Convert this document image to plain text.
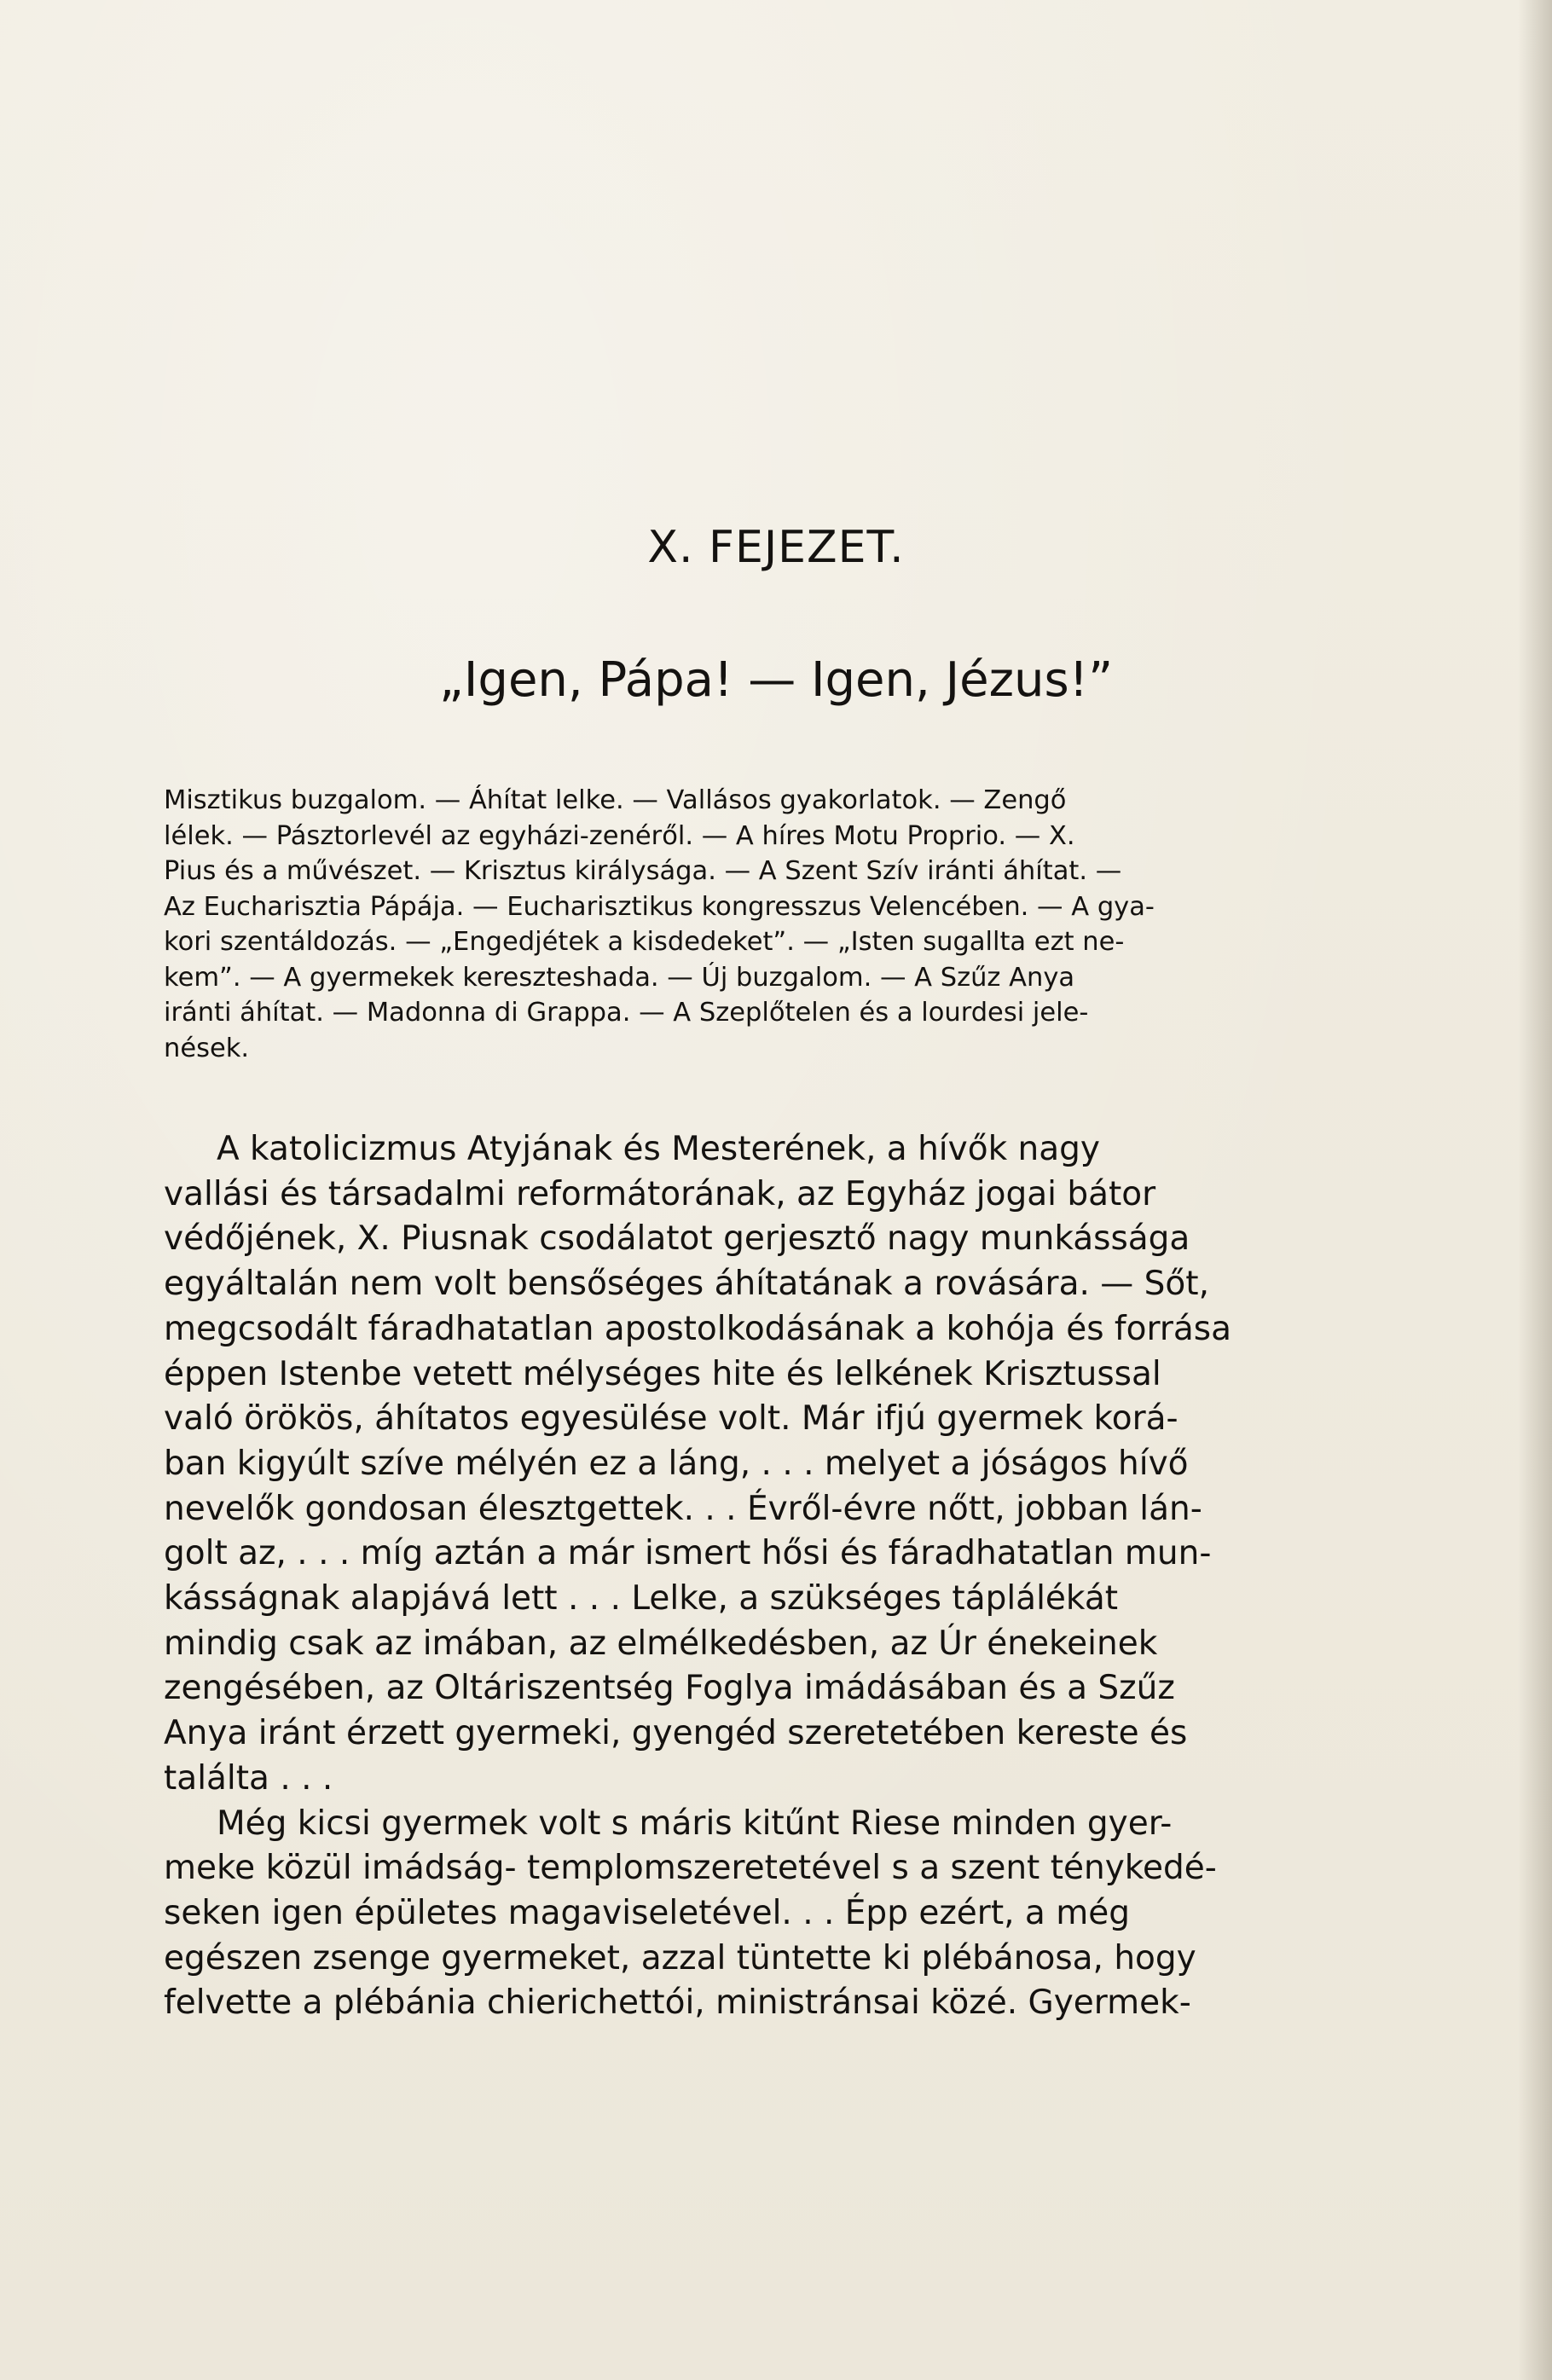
X. FEJEZET.
„Igen, Pápa! — Igen, Jézus!”

Misztikus buzgalom. — Áhítat lelke. — Vallásos gyakorlatok. — Zengő
lélek. — Pásztorlevél az egyházi-zenéről. — A híres Motu Proprio. — X.
Pius és a művészet. — Krisztus királysága. — A Szent Szív iránti áhítat. —
Az Eucharisztia Pápája. — Eucharisztikus kongresszus Velencében. — A gya-
kori szentáldozás. — „Engedjétek a kisdedeket”. — „Isten sugallta ezt ne-
kem”. — A gyermekek kereszteshada. — Új buzgalom. — A Szűz Anya
iránti áhítat. — Madonna di Grappa. — A Szeplőtelen és a lourdesi jele-
nések.

A katolicizmus Atyjának és Mesterének, a hívők nagy
vallási és társadalmi reformátorának, az Egyház jogai bátor
védőjének, X. Piusnak csodálatot gerjesztő nagy munkássága
egyáltalán nem volt bensőséges áhítatának a rovására. — Sőt,
megcsodált fáradhatatlan apostolkodásának a kohója és forrása
éppen Istenbe vetett mélységes hite és lelkének Krisztussal
való örökös, áhítatos egyesülése volt. Már ifjú gyermek korá-
ban kigyúlt szíve mélyén ez a láng, . . . melyet a jóságos hívő
nevelők gondosan élesztgettek. . . Évről-évre nőtt, jobban lán-
golt az, . . . míg aztán a már ismert hősi és fáradhatatlan mun-
kásságnak alapjává lett . . . Lelke, a szükséges táplálékát
mindig csak az imában, az elmélkedésben, az Úr énekeinek
zengésében, az Oltáriszentség Foglya imádásában és a Szűz
Anya iránt érzett gyermeki, gyengéd szeretetében kereste és
találta . . .

Még kicsi gyermek volt s máris kitűnt Riese minden gyer-
meke közül imádság- templomszeretetével s a szent ténykedé-
seken igen épületes magaviseletével. . . Épp ezért, a még
egészen zsenge gyermeket, azzal tüntette ki plébánosa, hogy
felvette a plébánia chierichettói, ministránsai közé. Gyermek-
